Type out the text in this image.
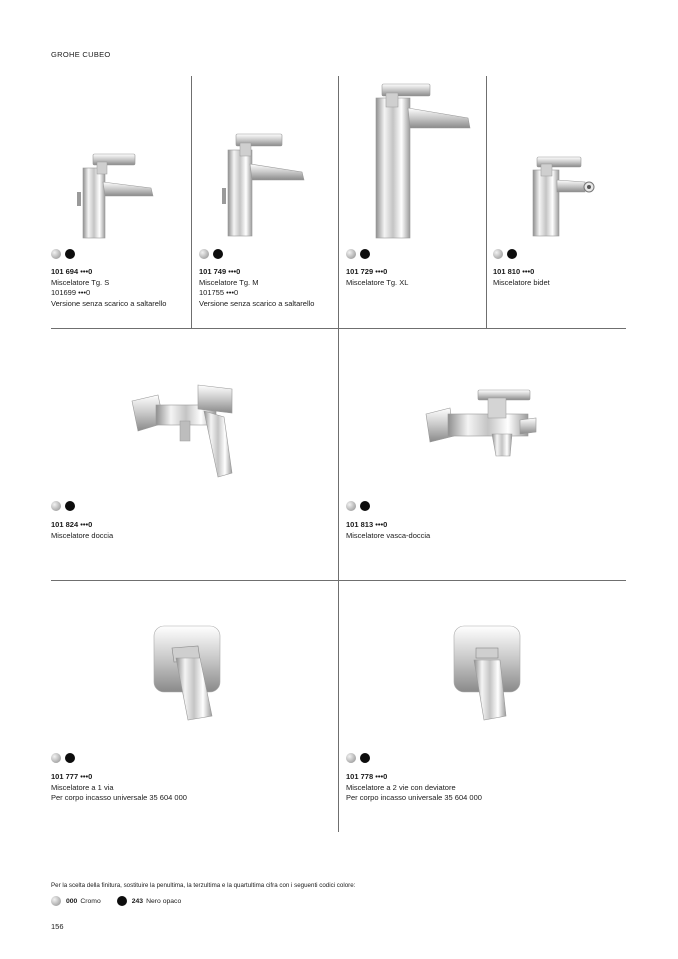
GROHE CUBEO
101 694 •••0
Miscelatore Tg. S
101699 •••0
Versione senza scarico a saltarello
101 749 •••0
Miscelatore Tg. M
101755 •••0
Versione senza scarico a saltarello
101 729 •••0
Miscelatore Tg. XL
101 810 •••0
Miscelatore bidet
101 824 •••0
Miscelatore doccia
101 813 •••0
Miscelatore vasca-doccia
101 777 •••0
Miscelatore a 1 via
Per corpo incasso universale 35 604 000
101 778 •••0
Miscelatore a 2 vie con deviatore
Per corpo incasso universale 35 604 000
Per la scelta della finitura, sostituire la penultima, la terzultima e la quartultima cifra con i seguenti codici colore:
000 Cromo	243 Nero opaco
156
